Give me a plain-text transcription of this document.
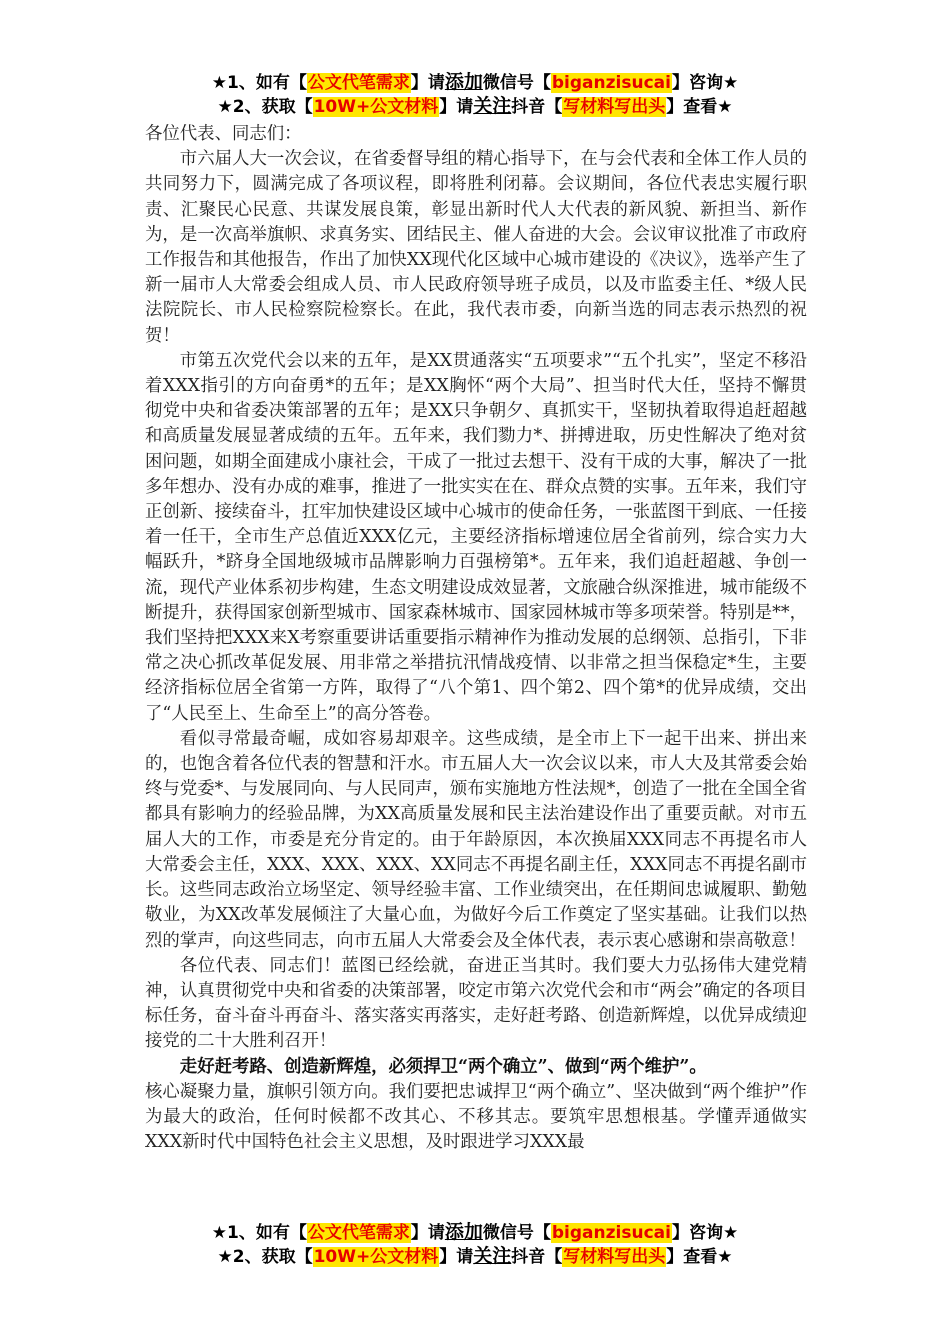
★1、如有【公文代笔需求】请添加微信号【biganzisucai】咨询★
★2、获取【10W+公文材料】请关注抖音【写材料写出头】查看★

各位代表、同志们：

市六届人大一次会议，在省委督导组的精心指导下，在与会代表和全体工作人员的共同努力下，圆满完成了各项议程，即将胜利闭幕。会议期间，各位代表忠实履行职责、汇聚民心民意、共谋发展良策，彰显出新时代人大代表的新风貌、新担当、新作为，是一次高举旗帜、求真务实、团结民主、催人奋进的大会。会议审议批准了市政府工作报告和其他报告，作出了加快XX现代化区域中心城市建设的《决议》，选举产生了新一届市人大常委会组成人员、市人民政府领导班子成员，以及市监委主任、*级人民法院院长、市人民检察院检察长。在此，我代表市委，向新当选的同志表示热烈的祝贺！

市第五次党代会以来的五年，是XX贯通落实“五项要求”“五个扎实”，坚定不移沿着XXX指引的方向奋勇*的五年；是XX胸怀“两个大局”、担当时代大任，坚持不懈贯彻党中央和省委决策部署的五年；是XX只争朝夕、真抓实干，坚韧执着取得追赶超越和高质量发展显著成绩的五年。五年来，我们勠力*、拼搏进取，历史性解决了绝对贫困问题，如期全面建成小康社会，干成了一批过去想干、没有干成的大事，解决了一批多年想办、没有办成的难事，推进了一批实实在在、群众点赞的实事。五年来，我们守正创新、接续奋斗，扛牢加快建设区域中心城市的使命任务，一张蓝图干到底、一任接着一任干，全市生产总值近XXX亿元，主要经济指标增速位居全省前列，综合实力大幅跃升，*跻身全国地级城市品牌影响力百强榜第*。五年来，我们追赶超越、争创一流，现代产业体系初步构建，生态文明建设成效显著，文旅融合纵深推进，城市能级不断提升，获得国家创新型城市、国家森林城市、国家园林城市等多项荣誉。特别是**，我们坚持把XXX来X考察重要讲话重要指示精神作为推动发展的总纲领、总指引，下非常之决心抓改革促发展、用非常之举措抗汛情战疫情、以非常之担当保稳定*生，主要经济指标位居全省第一方阵，取得了“八个第1、四个第2、四个第*的优异成绩，交出了“人民至上、生命至上”的高分答卷。

看似寻常最奇崛，成如容易却艰辛。这些成绩，是全市上下一起干出来、拼出来的，也饱含着各位代表的智慧和汗水。市五届人大一次会议以来，市人大及其常委会始终与党委*、与发展同向、与人民同声，颁布实施地方性法规*，创造了一批在全国全省都具有影响力的经验品牌，为XX高质量发展和民主法治建设作出了重要贡献。对市五届人大的工作，市委是充分肯定的。由于年龄原因，本次换届XXX同志不再提名市人大常委会主任，XXX、XXX、XXX、XX同志不再提名副主任，XXX同志不再提名副市长。这些同志政治立场坚定、领导经验丰富、工作业绩突出，在任期间忠诚履职、勤勉敬业，为XX改革发展倾注了大量心血，为做好今后工作奠定了坚实基础。让我们以热烈的掌声，向这些同志，向市五届人大常委会及全体代表，表示衷心感谢和崇高敬意！

各位代表、同志们！蓝图已经绘就，奋进正当其时。我们要大力弘扬伟大建党精神，认真贯彻党中央和省委的决策部署，咬定市第六次党代会和市“两会”确定的各项目标任务，奋斗奋斗再奋斗、落实落实再落实，走好赶考路、创造新辉煌，以优异成绩迎接党的二十大胜利召开！

走好赶考路、创造新辉煌，必须捍卫“两个确立”、做到“两个维护”。

核心凝聚力量，旗帜引领方向。我们要把忠诚捍卫“两个确立”、坚决做到“两个维护”作为最大的政治，任何时候都不改其心、不移其志。要筑牢思想根基。学懂弄通做实XXX新时代中国特色社会主义思想，及时跟进学习XXX最

★1、如有【公文代笔需求】请添加微信号【biganzisucai】咨询★
★2、获取【10W+公文材料】请关注抖音【写材料写出头】查看★
